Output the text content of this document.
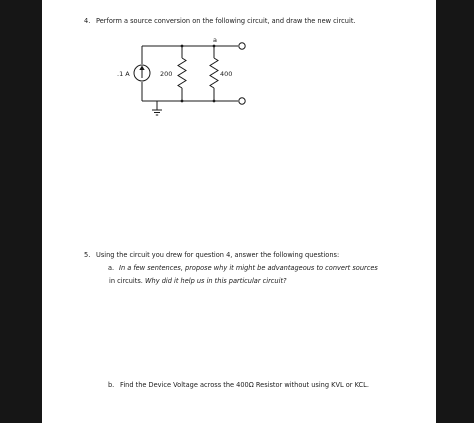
4. Perform a source conversion on the following circuit, and draw the new circuit.
a
.1 A	200	400
5. Using the circuit you drew for question 4, answer the following questions:
a. In a few sentences, propose why it might be advantageous to convert sources
in circuits. Why did it help us in this particular circuit?
b. Find the Device Voltage across the 400Ω Resistor without using KVL or KCL.
